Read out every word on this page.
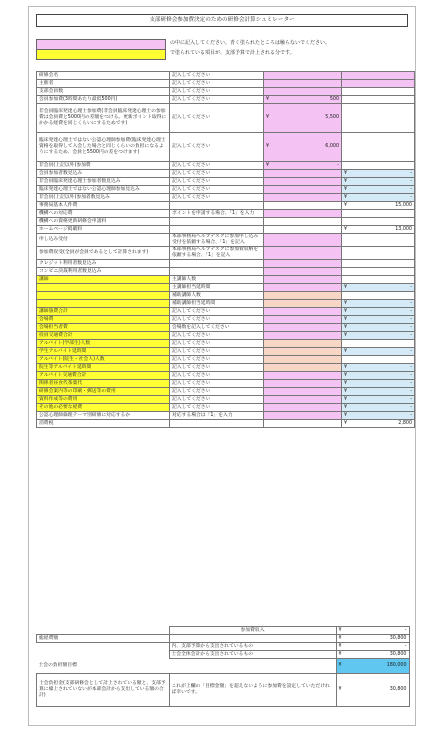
支部研修会参加費決定のための研修会計算シュミレーター
の中に記入してください。青く塗られたところは触らないでください。
で塗られている項目が、支部予算で計上される分です。
研修会名	記入してください		

主催者	記入してください		

支部会員数	記入してください		

会員参加費(3時間あたり最低500円)	記入してください	¥ 500	

非会員臨床発達心理士参加費(非会員臨床発達心理士の参加費は会員費と5000円の差額をつける。更新ポイント取得にかかる経費を同じくらいにするためです)	記入してください	¥ 5,500	

臨床発達心理士ではない公認心理師参加費(臨床発達心理士資格を取得して入会した場合と同じくらいの負担になるようにするため、会員と5500円の差をつけます)	記入してください	¥ 6,000	

非会員(上記以外)参加費	記入してください	¥ -	

会員参加者数見込み	記入してください		¥ -

非会員臨床発達心理士参加者数見込み	記入してください		¥ -

臨床発達心理士ではない公認心理師参加見込み	記入してください		¥ -

非会員(上記以外)参加者数見込み	記入してください		¥ -

事務局基本人件費			¥ 15,000

機構への対応費	ポイントを申請する場合、「1」を入力		

機構への資格更新研修会申請料			

ホームページ掲載料			¥ 13,000

申し込み受付	本部事務局ヘルプデスクに参加申し込み受付を依頼する場合、「1」を記入		

参加費収受(全員が会員であるとして計算されます)	本部事務局ヘルプデスクに参加費収納を依頼する場合、「1」を記入		

クレジット利用者数見込み			

コンビニ決裁利用者数見込み			

講師	主講師人数		

	主講師担当延時間		¥ -

	補助講師人数		

	補助講師担当延時間		¥ -

講師旅費合計	記入してください		¥ -

会場費	記入してください		¥ -

会場担当者費	会場数を記入してください		¥ -

役員交通費合計	記入してください		¥ -

アルバイト(学部生)人数	記入してください		

学生アルバイト延時間	記入してください		¥ -

アルバイト(院生・社会人)人数	記入してください		

院生等アルバイト延時間	記入してください		¥ -

アルバイト交通費合計	記入してください		¥ -

関係者昼食代茶菓代	記入してください		¥ -

研修会案内等の印刷・郵送等の費用	記入してください		¥ -

資料作成等の費用	記入してください		¥ -

その他の必要な経費	記入してください		¥ -

公認心理師倫理テーマ別研修に対応するか	対応する場合は「1」を入力		¥ -

消費税			¥ 2,800
	参加費収入	¥ -

総経費額		¥ 30,800

	内、支部予算から支出されているもの	¥ -

	士会全体会計から支出されているもの	¥ 30,800

士会の負担額目標		¥ 180,000

士会負担金(支部研修会として計上されている額と、支部予算に繰上されていないが本部会計から支出している額の合計)	これが上欄の「目標金額」を超えないように参加費を設定していただければ幸いです。	¥ 30,800
